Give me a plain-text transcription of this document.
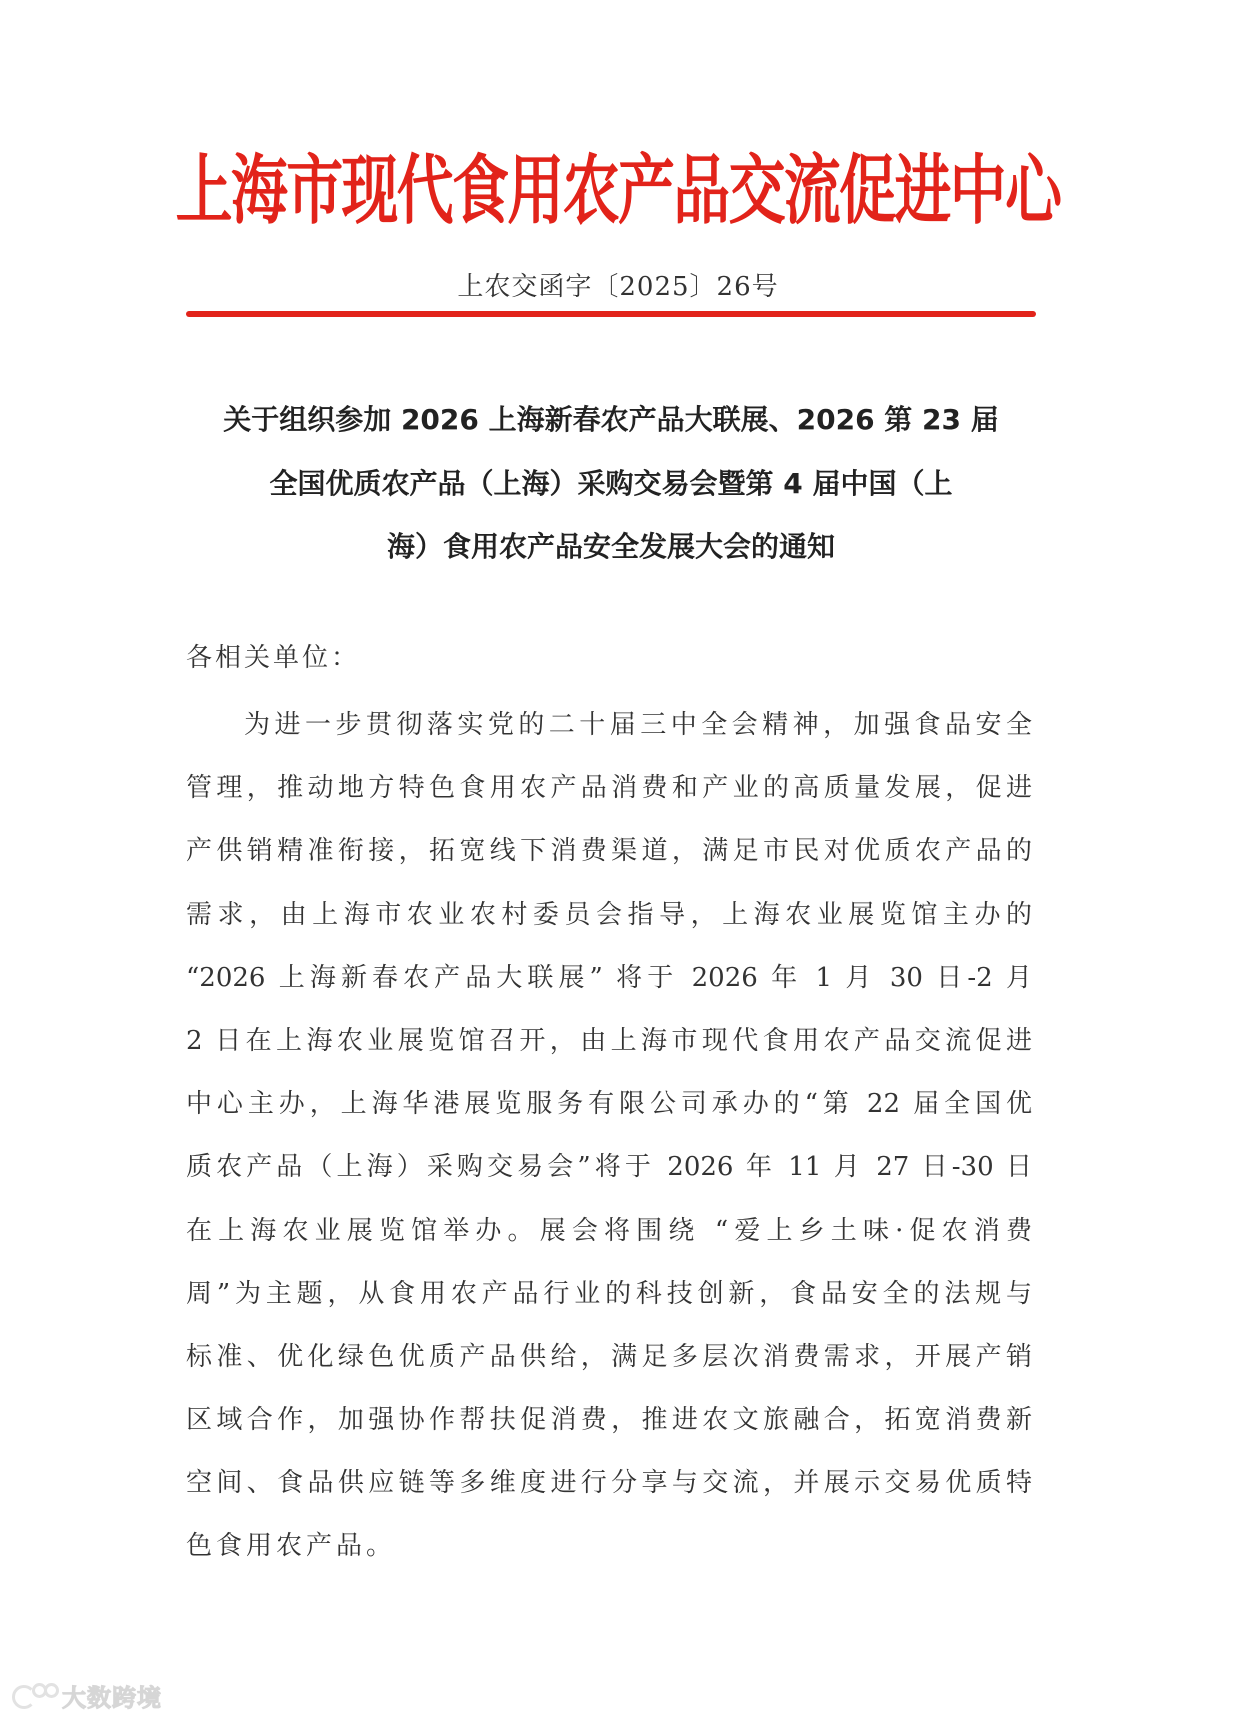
上海市现代食用农产品交流促进中心
上农交函字〔2025〕26号
关于组织参加 2026 上海新春农产品大联展、2026 第 23 届
全国优质农产品（上海）采购交易会暨第 4 届中国（上
海）食用农产品安全发展大会的通知
各相关单位：
为进一步贯彻落实党的二十届三中全会精神，加强食品安全
管理，推动地方特色食用农产品消费和产业的高质量发展，促进
产供销精准衔接，拓宽线下消费渠道，满足市民对优质农产品的
需求，由上海市农业农村委员会指导，上海农业展览馆主办的
“2026 上海新春农产品大联展” 将于 2026 年 1 月 30 日-2 月
2 日在上海农业展览馆召开，由上海市现代食用农产品交流促进
中心主办，上海华港展览服务有限公司承办的“第 22 届全国优
质农产品（上海）采购交易会”将于 2026 年 11 月 27 日-30 日
在上海农业展览馆举办。展会将围绕 “爱上乡土味·促农消费
周”为主题，从食用农产品行业的科技创新，食品安全的法规与
标准、优化绿色优质产品供给，满足多层次消费需求，开展产销
区域合作，加强协作帮扶促消费，推进农文旅融合，拓宽消费新
空间、食品供应链等多维度进行分享与交流，并展示交易优质特
色食用农产品。
大数跨境
